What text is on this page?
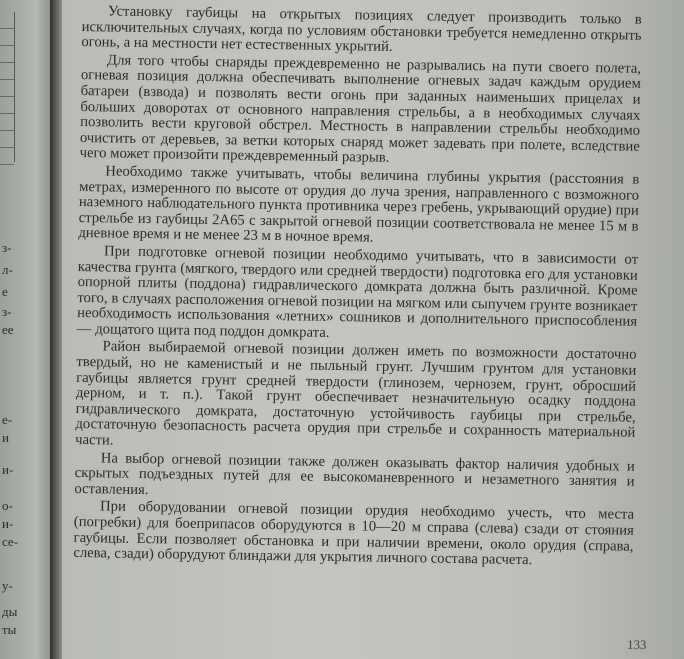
з-
л-
е
з-
ее
е-
и
и-
о-
и-
се-
у-
ды
ты

Установку гаубицы на открытых позициях следует производить только в исключительных случаях, когда по условиям обстановки требуется немедленно открыть огонь, а на местности нет естественных укрытий.

Для того чтобы снаряды преждевременно не разрывались на пути своего полета, огневая позиция должна обеспечивать выполнение огневых задач каждым орудием батареи (взвода) и позволять вести огонь при заданных наименьших прицелах и больших доворотах от основного направления стрельбы, а в необходимых случаях позволить вести круговой обстрел. Местность в направлении стрельбы необходимо очистить от деревьев, за ветки которых снаряд может задевать при полете, вследствие чего может произойти преждевременный разрыв.

Необходимо также учитывать, чтобы величина глубины укрытия (расстояния в метрах, измеренного по высоте от орудия до луча зрения, направленного с возможного наземного наблюдательного пункта противника через гребень, укрывающий орудие) при стрельбе из гаубицы 2А65 с закрытой огневой позиции соответствовала не менее 15 м в дневное время и не менее 23 м в ночное время.

При подготовке огневой позиции необходимо учитывать, что в зависимости от качества грунта (мягкого, твердого или средней твердости) подготовка его для установки опорной плиты (поддона) гидравлического домкрата должна быть различной. Кроме того, в случаях расположения огневой позиции на мягком или сыпучем грунте возникает необходимость использования «летних» сошников и дополнительного приспособления — дощатого щита под поддон домкрата.

Район выбираемой огневой позиции должен иметь по возможности достаточно твердый, но не каменистый и не пыльный грунт. Лучшим грунтом для установки гаубицы является грунт средней твердости (глинозем, чернозем, грунт, обросший дерном, и т. п.). Такой грунт обеспечивает незначительную осадку поддона гидравлического домкрата, достаточную устойчивость гаубицы при стрельбе, достаточную безопасность расчета орудия при стрельбе и сохранность материальной части.

На выбор огневой позиции также должен оказывать фактор наличия удобных и скрытых подъездных путей для ее высокоманевренного и незаметного занятия и оставления.

При оборудовании огневой позиции орудия необходимо учесть, что места (погребки) для боеприпасов оборудуются в 10—20 м справа (слева) сзади от стояния гаубицы. Если позволяет обстановка и при наличии времени, около орудия (справа, слева, сзади) оборудуют блиндажи для укрытия личного состава расчета.

133
